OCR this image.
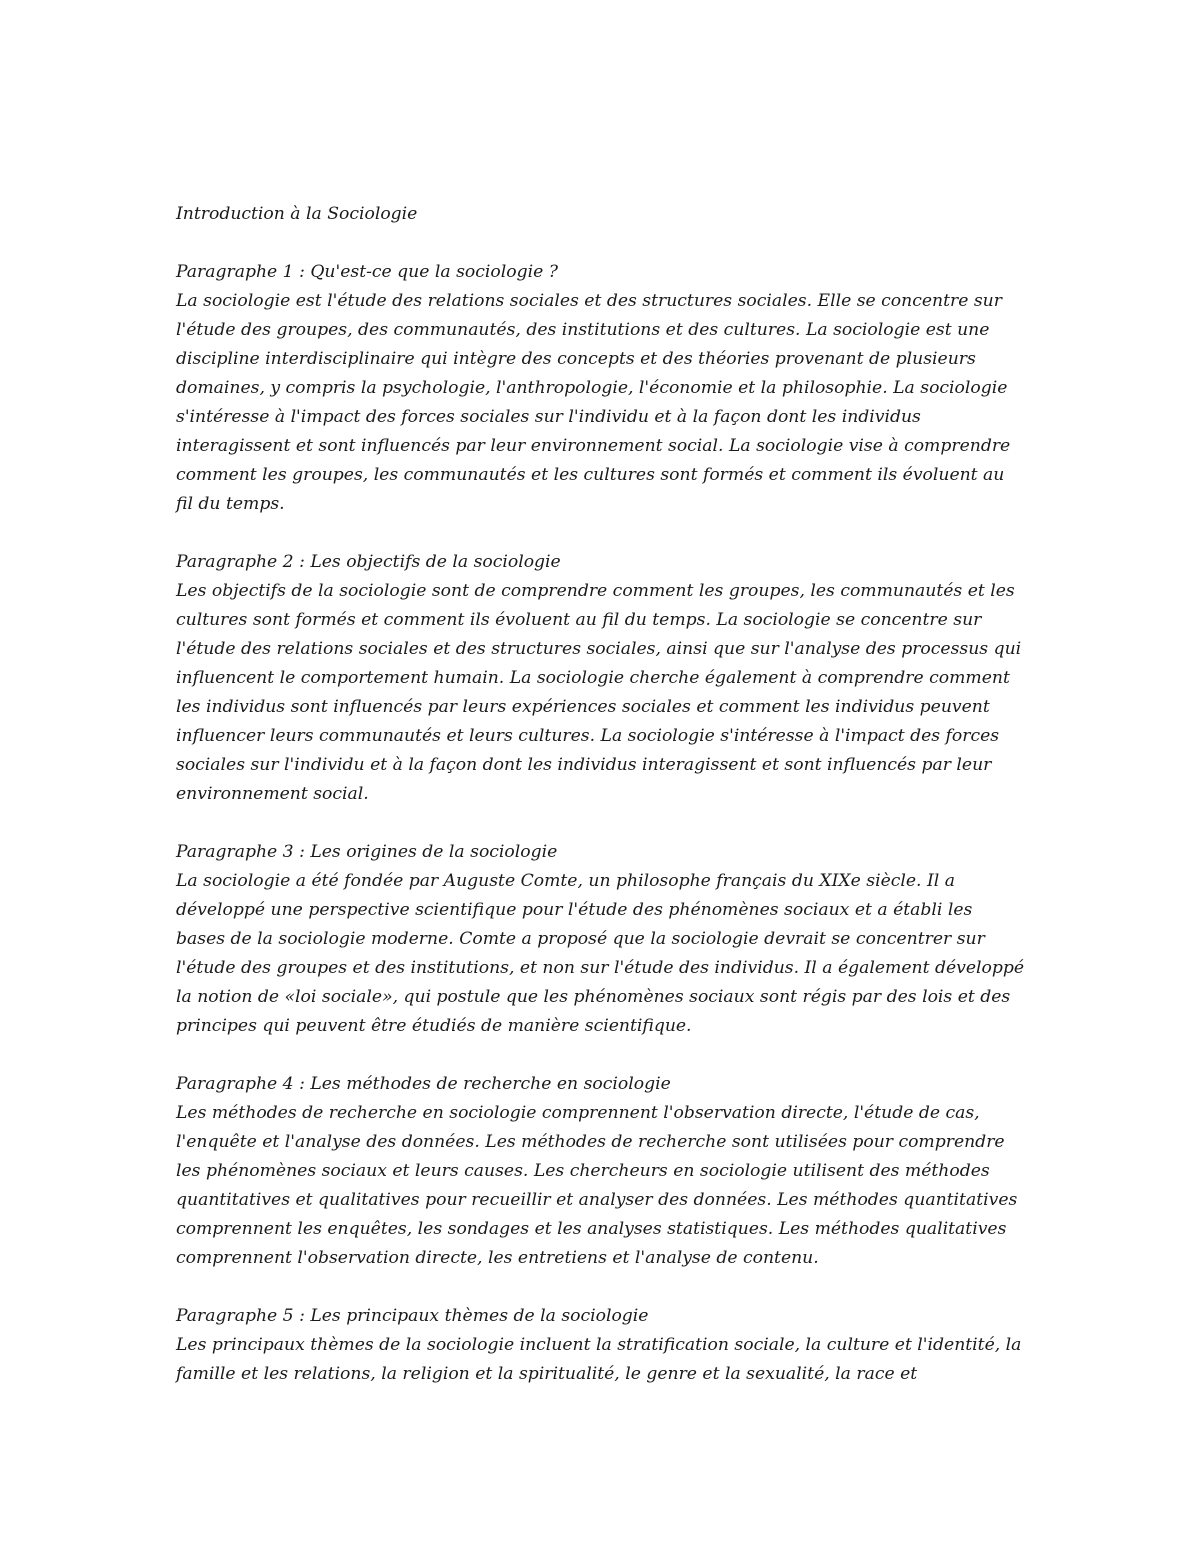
Introduction à la Sociologie

Paragraphe 1 : Qu'est-ce que la sociologie ?

La sociologie est l'étude des relations sociales et des structures sociales. Elle se concentre sur l'étude des groupes, des communautés, des institutions et des cultures. La sociologie est une discipline interdisciplinaire qui intègre des concepts et des théories provenant de plusieurs domaines, y compris la psychologie, l'anthropologie, l'économie et la philosophie. La sociologie s'intéresse à l'impact des forces sociales sur l'individu et à la façon dont les individus interagissent et sont influencés par leur environnement social. La sociologie vise à comprendre comment les groupes, les communautés et les cultures sont formés et comment ils évoluent au fil du temps.

Paragraphe 2 : Les objectifs de la sociologie

Les objectifs de la sociologie sont de comprendre comment les groupes, les communautés et les cultures sont formés et comment ils évoluent au fil du temps. La sociologie se concentre sur l'étude des relations sociales et des structures sociales, ainsi que sur l'analyse des processus qui influencent le comportement humain. La sociologie cherche également à comprendre comment les individus sont influencés par leurs expériences sociales et comment les individus peuvent influencer leurs communautés et leurs cultures. La sociologie s'intéresse à l'impact des forces sociales sur l'individu et à la façon dont les individus interagissent et sont influencés par leur environnement social.

Paragraphe 3 : Les origines de la sociologie

La sociologie a été fondée par Auguste Comte, un philosophe français du XIXe siècle. Il a développé une perspective scientifique pour l'étude des phénomènes sociaux et a établi les bases de la sociologie moderne. Comte a proposé que la sociologie devrait se concentrer sur l'étude des groupes et des institutions, et non sur l'étude des individus. Il a également développé la notion de «loi sociale», qui postule que les phénomènes sociaux sont régis par des lois et des principes qui peuvent être étudiés de manière scientifique.

Paragraphe 4 : Les méthodes de recherche en sociologie

Les méthodes de recherche en sociologie comprennent l'observation directe, l'étude de cas, l'enquête et l'analyse des données. Les méthodes de recherche sont utilisées pour comprendre les phénomènes sociaux et leurs causes. Les chercheurs en sociologie utilisent des méthodes quantitatives et qualitatives pour recueillir et analyser des données. Les méthodes quantitatives comprennent les enquêtes, les sondages et les analyses statistiques. Les méthodes qualitatives comprennent l'observation directe, les entretiens et l'analyse de contenu.

Paragraphe 5 : Les principaux thèmes de la sociologie

Les principaux thèmes de la sociologie incluent la stratification sociale, la culture et l'identité, la famille et les relations, la religion et la spiritualité, le genre et la sexualité, la race et
